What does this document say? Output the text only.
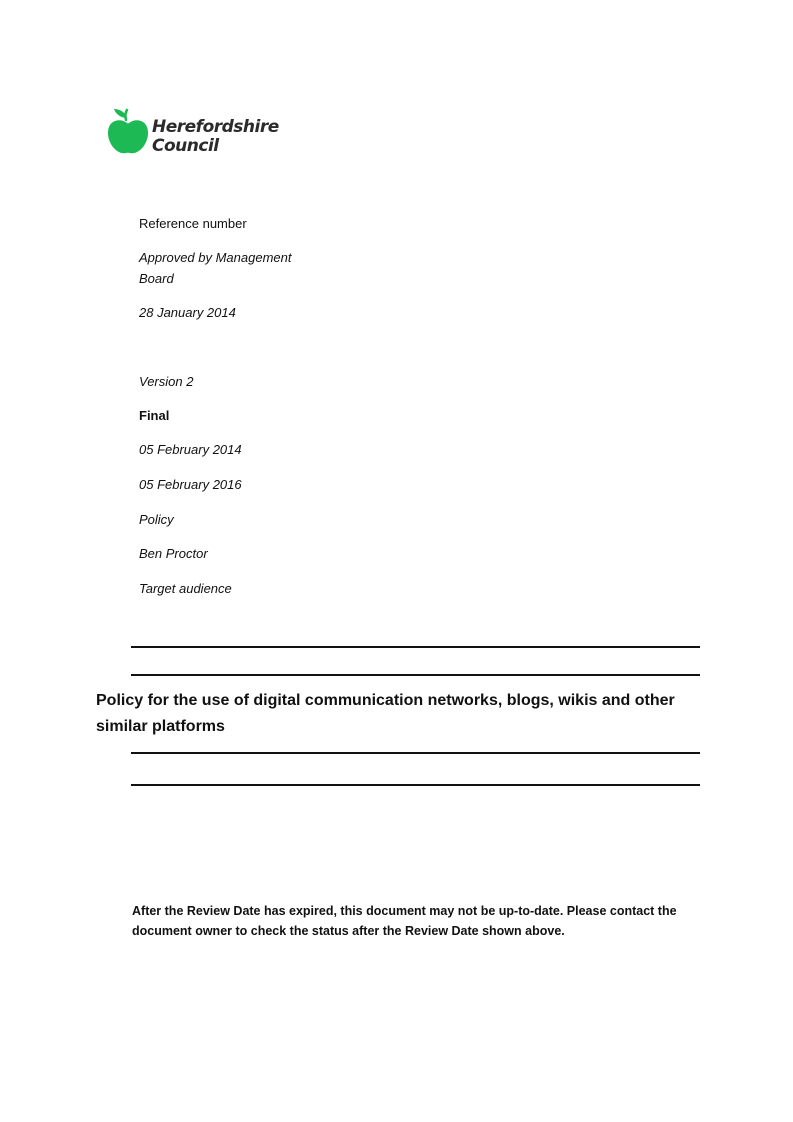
Herefordshire
Council
Reference number
Approved by Management
Board
28 January 2014
Version 2
Final
05 February 2014
05 February 2016
Policy
Ben Proctor
Target audience
Policy for the use of digital communication networks, blogs, wikis and other
similar platforms
After the Review Date has expired, this document may not be up-to-date. Please contact the
document owner to check the status after the Review Date shown above.
